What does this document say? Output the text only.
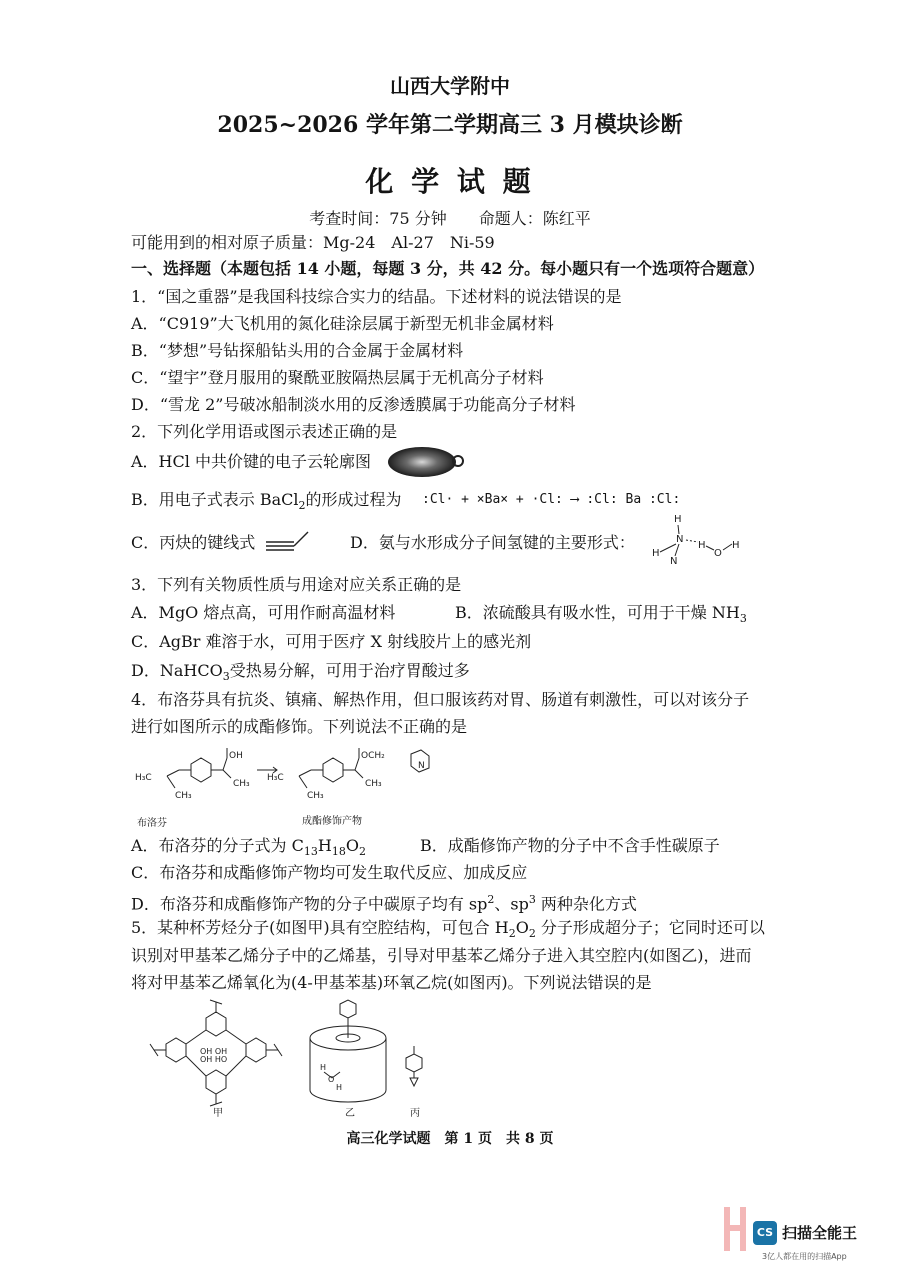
山西大学附中
2025~2026 学年第二学期高三 3 月模块诊断
化 学 试 题
考查时间：75 分钟　　命题人：陈红平
可能用到的相对原子质量：Mg-24　Al-27　Ni-59
一、选择题（本题包括 14 小题，每题 3 分，共 42 分。每小题只有一个选项符合题意）
1．“国之重器”是我国科技综合实力的结晶。下述材料的说法错误的是
A．“C919”大飞机用的氮化硅涂层属于新型无机非金属材料
B．“梦想”号钻探船钻头用的合金属于金属材料
C．“望宇”登月服用的聚酰亚胺隔热层属于无机高分子材料
D．“雪龙 2”号破冰船制淡水用的反渗透膜属于功能高分子材料
2．下列化学用语或图示表述正确的是
A．HCl 中共价键的电子云轮廓图
B．用电子式表示 BaCl$_2$的形成过程为 :Cl· + ×Ba× + ·Cl: ⟶ :Cl: Ba :Cl:
C．丙炔的键线式	D．氨与水形成分子间氢键的主要形式：
H
N
H
N
O
H
H
3．下列有关物质性质与用途对应关系正确的是
A．MgO 熔点高，可用作耐高温材料	B．浓硫酸具有吸水性，可用于干燥 $NH_3$
C．AgBr 难溶于水，可用于医疗 X 射线胶片上的感光剂
D．NaHCO$_3$受热易分解，可用于治疗胃酸过多
4．布洛芬具有抗炎、镇痛、解热作用，但口服该药对胃、肠道有刺激性，可以对该分子
进行如图所示的成酯修饰。下列说法不正确的是
H₃C
CH₃
OH
CH₃
H₃C
CH₃
OCH₂
CH₃
N
布洛芬	成酯修饰产物
A．布洛芬的分子式为 $C_{13}H_{18}O_2$	B．成酯修饰产物的分子中不含手性碳原子
C．布洛芬和成酯修饰产物均可发生取代反应、加成反应
D．布洛芬和成酯修饰产物的分子中碳原子均有 $sp^2$、$sp^3$ 两种杂化方式
5．某种杯芳烃分子(如图甲)具有空腔结构，可包合 $H_2O_2$ 分子形成超分子；它同时还可以
识别对甲基苯乙烯分子中的乙烯基，引导对甲基苯乙烯分子进入其空腔内(如图乙)，进而
将对甲基苯乙烯氧化为(4-甲基苯基)环氧乙烷(如图丙)。下列说法错误的是
OH OH
OH HO
H
O
H
甲	乙	丙
高三化学试题　第 1 页　共 8 页
CS 扫描全能王
3亿人都在用的扫描App
